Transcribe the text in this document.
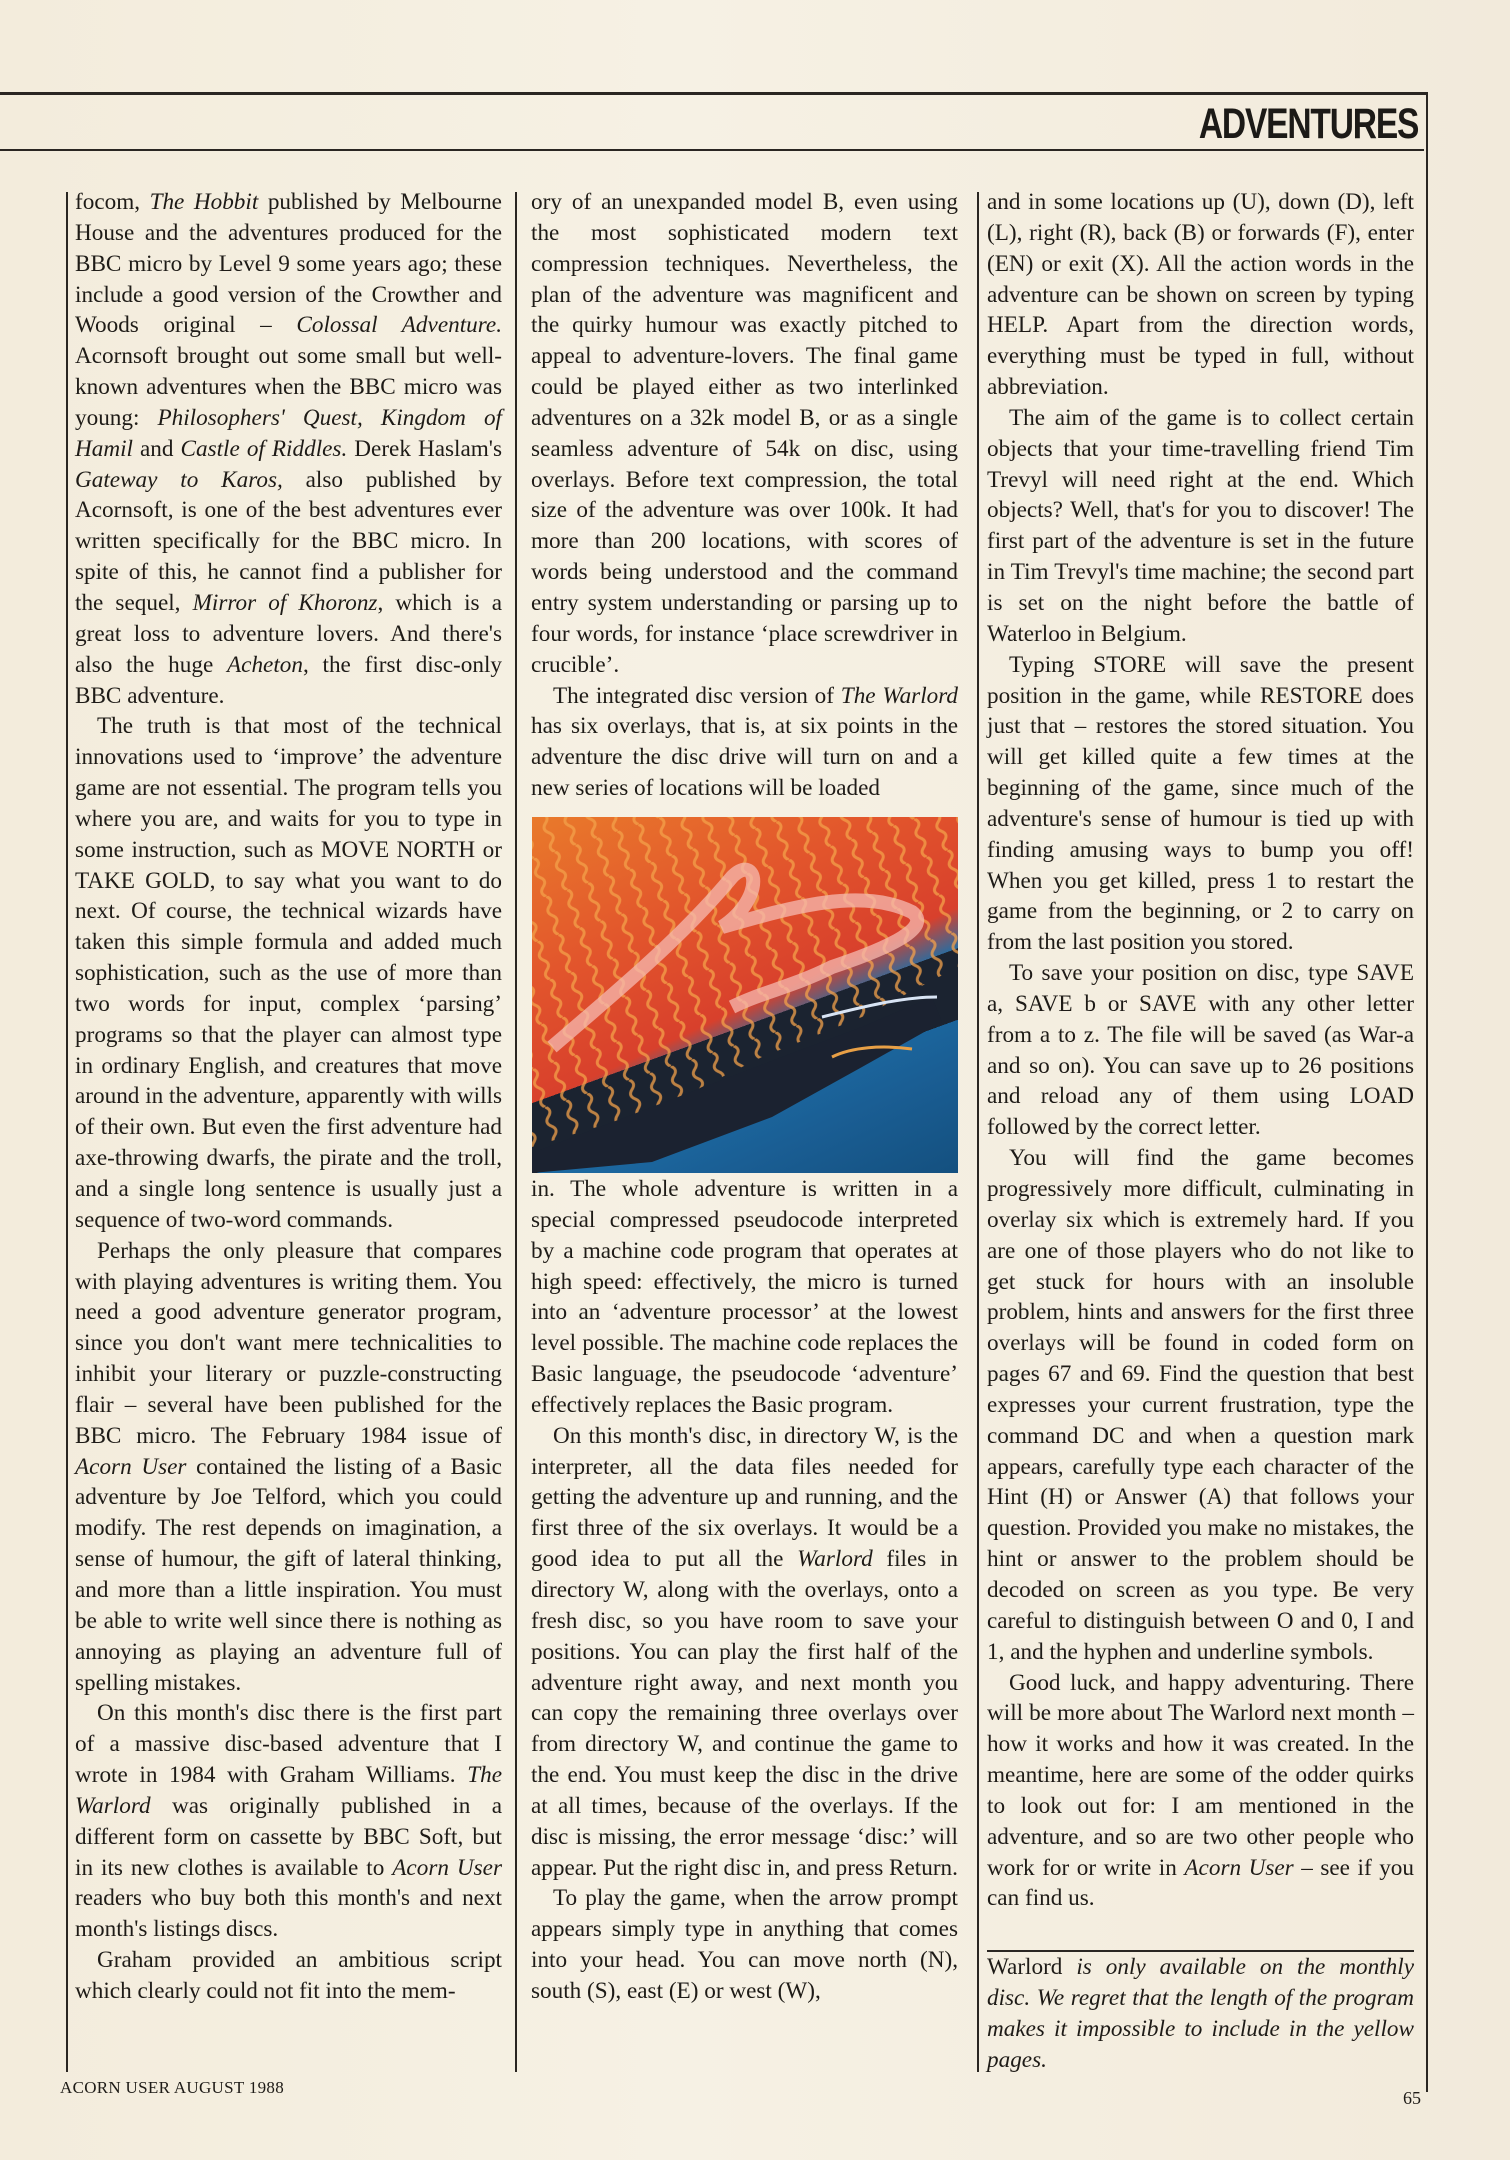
ADVENTURES

focom, The Hobbit published by Melbourne House and the adventures produced for the BBC micro by Level 9 some years ago; these include a good version of the Crowther and Woods original – Colossal Adventure. Acornsoft brought out some small but well-known adventures when the BBC micro was young: Philosophers' Quest, Kingdom of Hamil and Castle of Riddles. Derek Haslam's Gateway to Karos, also published by Acornsoft, is one of the best adventures ever written specifically for the BBC micro. In spite of this, he cannot find a publisher for the sequel, Mirror of Khoronz, which is a great loss to adventure lovers. And there's also the huge Acheton, the first disc-only BBC adventure.

The truth is that most of the technical innovations used to ‘improve’ the adventure game are not essential. The program tells you where you are, and waits for you to type in some instruction, such as MOVE NORTH or TAKE GOLD, to say what you want to do next. Of course, the technical wizards have taken this simple formula and added much sophistication, such as the use of more than two words for input, complex ‘parsing’ programs so that the player can almost type in ordinary English, and creatures that move around in the adventure, apparently with wills of their own. But even the first adventure had axe-throwing dwarfs, the pirate and the troll, and a single long sentence is usually just a sequence of two-word commands.

Perhaps the only pleasure that compares with playing adventures is writing them. You need a good adventure generator program, since you don't want mere technicalities to inhibit your literary or puzzle-constructing flair – several have been published for the BBC micro. The February 1984 issue of Acorn User contained the listing of a Basic adventure by Joe Telford, which you could modify. The rest depends on imagination, a sense of humour, the gift of lateral thinking, and more than a little inspiration. You must be able to write well since there is nothing as annoying as playing an adventure full of spelling mistakes.

On this month's disc there is the first part of a massive disc-based adventure that I wrote in 1984 with Graham Williams. The Warlord was originally published in a different form on cassette by BBC Soft, but in its new clothes is available to Acorn User readers who buy both this month's and next month's listings discs.

Graham provided an ambitious script which clearly could not fit into the mem-

ory of an unexpanded model B, even using the most sophisticated modern text compression techniques. Nevertheless, the plan of the adventure was magnificent and the quirky humour was exactly pitched to appeal to adventure-lovers. The final game could be played either as two interlinked adventures on a 32k model B, or as a single seamless adventure of 54k on disc, using overlays. Before text compression, the total size of the adventure was over 100k. It had more than 200 locations, with scores of words being understood and the command entry system understanding or parsing up to four words, for instance ‘place screwdriver in crucible’.

The integrated disc version of The Warlord has six overlays, that is, at six points in the adventure the disc drive will turn on and a new series of locations will be loaded

in. The whole adventure is written in a special compressed pseudocode interpreted by a machine code program that operates at high speed: effectively, the micro is turned into an ‘adventure processor’ at the lowest level possible. The machine code replaces the Basic language, the pseudocode ‘adventure’ effectively replaces the Basic program.

On this month's disc, in directory W, is the interpreter, all the data files needed for getting the adventure up and running, and the first three of the six overlays. It would be a good idea to put all the Warlord files in directory W, along with the overlays, onto a fresh disc, so you have room to save your positions. You can play the first half of the adventure right away, and next month you can copy the remaining three overlays over from directory W, and continue the game to the end. You must keep the disc in the drive at all times, because of the overlays. If the disc is missing, the error message ‘disc:’ will appear. Put the right disc in, and press Return.

To play the game, when the arrow prompt appears simply type in anything that comes into your head. You can move north (N), south (S), east (E) or west (W),

and in some locations up (U), down (D), left (L), right (R), back (B) or forwards (F), enter (EN) or exit (X). All the action words in the adventure can be shown on screen by typing HELP. Apart from the direction words, everything must be typed in full, without abbreviation.

The aim of the game is to collect certain objects that your time-travelling friend Tim Trevyl will need right at the end. Which objects? Well, that's for you to discover! The first part of the adventure is set in the future in Tim Trevyl's time machine; the second part is set on the night before the battle of Waterloo in Belgium.

Typing STORE will save the present position in the game, while RESTORE does just that – restores the stored situation. You will get killed quite a few times at the beginning of the game, since much of the adventure's sense of humour is tied up with finding amusing ways to bump you off! When you get killed, press 1 to restart the game from the beginning, or 2 to carry on from the last position you stored.

To save your position on disc, type SAVE a, SAVE b or SAVE with any other letter from a to z. The file will be saved (as War-a and so on). You can save up to 26 positions and reload any of them using LOAD followed by the correct letter.

You will find the game becomes progressively more difficult, culminating in overlay six which is extremely hard. If you are one of those players who do not like to get stuck for hours with an insoluble problem, hints and answers for the first three overlays will be found in coded form on pages 67 and 69. Find the question that best expresses your current frustration, type the command DC and when a question mark appears, carefully type each character of the Hint (H) or Answer (A) that follows your question. Provided you make no mistakes, the hint or answer to the problem should be decoded on screen as you type. Be very careful to distinguish between O and 0, I and 1, and the hyphen and underline symbols.

Good luck, and happy adventuring. There will be more about The Warlord next month – how it works and how it was created. In the meantime, here are some of the odder quirks to look out for: I am mentioned in the adventure, and so are two other people who work for or write in Acorn User – see if you can find us.

Warlord is only available on the monthly disc. We regret that the length of the program makes it impossible to include in the yellow pages.

ACORN USER AUGUST 1988
65
